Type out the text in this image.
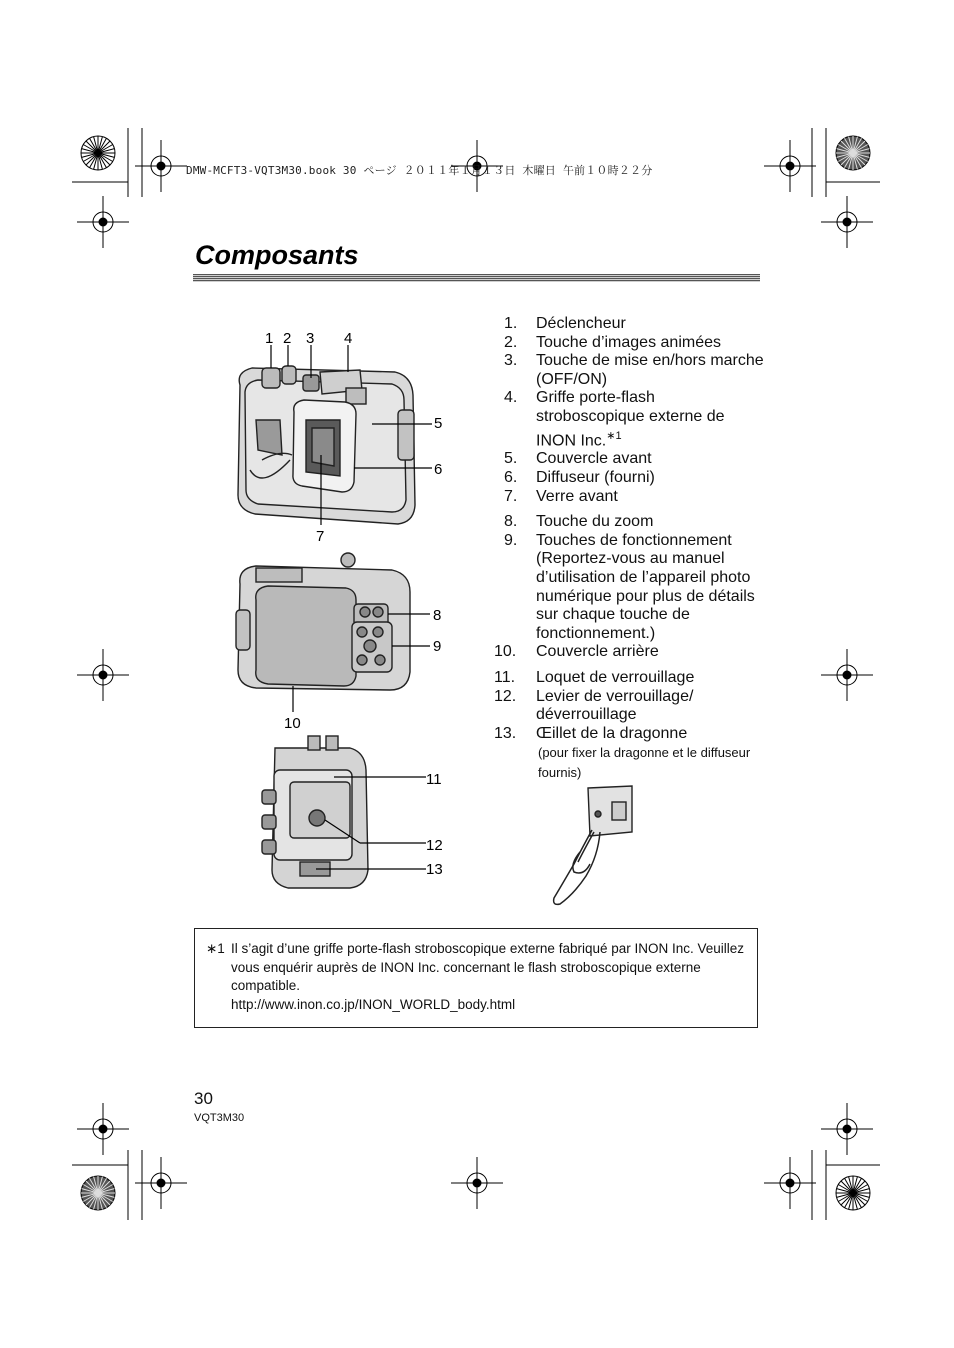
DMW-MCFT3-VQT3M30.book 30 ページ ２０１１年１月１３日 木曜日 午前１０時２２分
Composants
1 2 3 4
5
6
7
8
9
10
11
12
13
1.	Déclencheur
2.	Touche d’images animées
3.	Touche de mise en/hors marche (OFF/ON)
4.	Griffe porte-flash stroboscopique externe de INON Inc.$^{∗1}$
5.	Couvercle avant
6.	Diffuseur (fourni)
7.	Verre avant
8.	Touche du zoom
9.	Touches de fonctionnement (Reportez-vous au manuel d’utilisation de l’appareil photo numérique pour plus de détails sur chaque touche de fonctionnement.)
10.	Couvercle arrière
11.	Loquet de verrouillage
12.	Levier de verrouillage/ déverrouillage
13.	Œillet de la dragonne
(pour fixer la dragonne et le diffuseur fournis)
∗1 Il s’agit d’une griffe porte-flash stroboscopique externe fabriqué par INON Inc. Veuillez vous enquérir auprès de INON Inc. concernant le flash stroboscopique externe compatible.
http://www.inon.co.jp/INON_WORLD_body.html
30
VQT3M30
